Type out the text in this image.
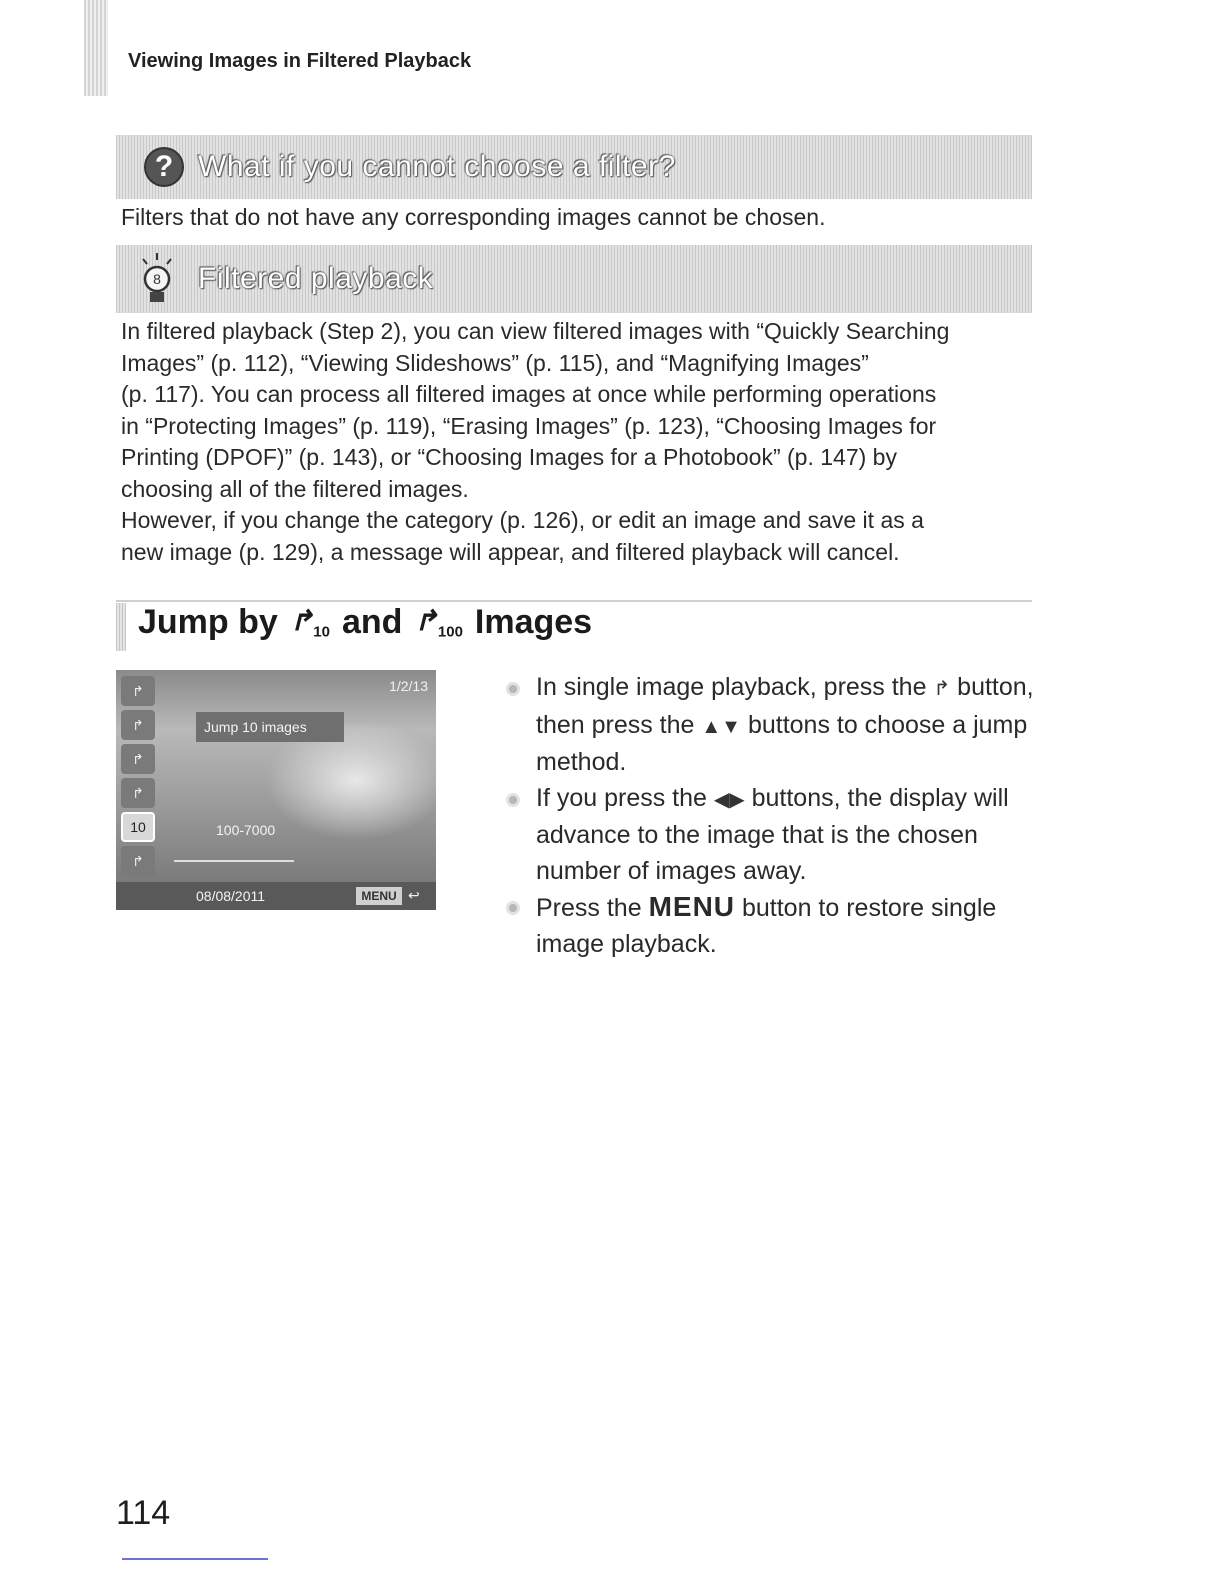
Viewing Images in Filtered Playback
? What if you cannot choose a filter?

Filters that do not have any corresponding images cannot be chosen.

8 Filtered playback
In filtered playback (Step 2), you can view filtered images with “Quickly Searching
Images” (p. 112), “Viewing Slideshows” (p. 115), and “Magnifying Images”
(p. 117). You can process all filtered images at once while performing operations
in “Protecting Images” (p. 119), “Erasing Images” (p. 123), “Choosing Images for
Printing (DPOF)” (p. 143), or “Choosing Images for a Photobook” (p. 147) by
choosing all of the filtered images.
However, if you change the category (p. 126), or edit an image and save it as a
new image (p. 129), a message will appear, and filtered playback will cancel.
Jump by $↱_{10}$ and $↱_{100}$ Images
↱
↱
↱
↱
10
↱
1/2/13
Jump 10 images
100-7000
08/08/2011	MENU ↩
In single image playback, press the ↱ button, then press the ▲▼ buttons to choose a jump method.
If you press the ◀▶ buttons, the display will advance to the image that is the chosen number of images away.
Press the MENU button to restore single image playback.
114
